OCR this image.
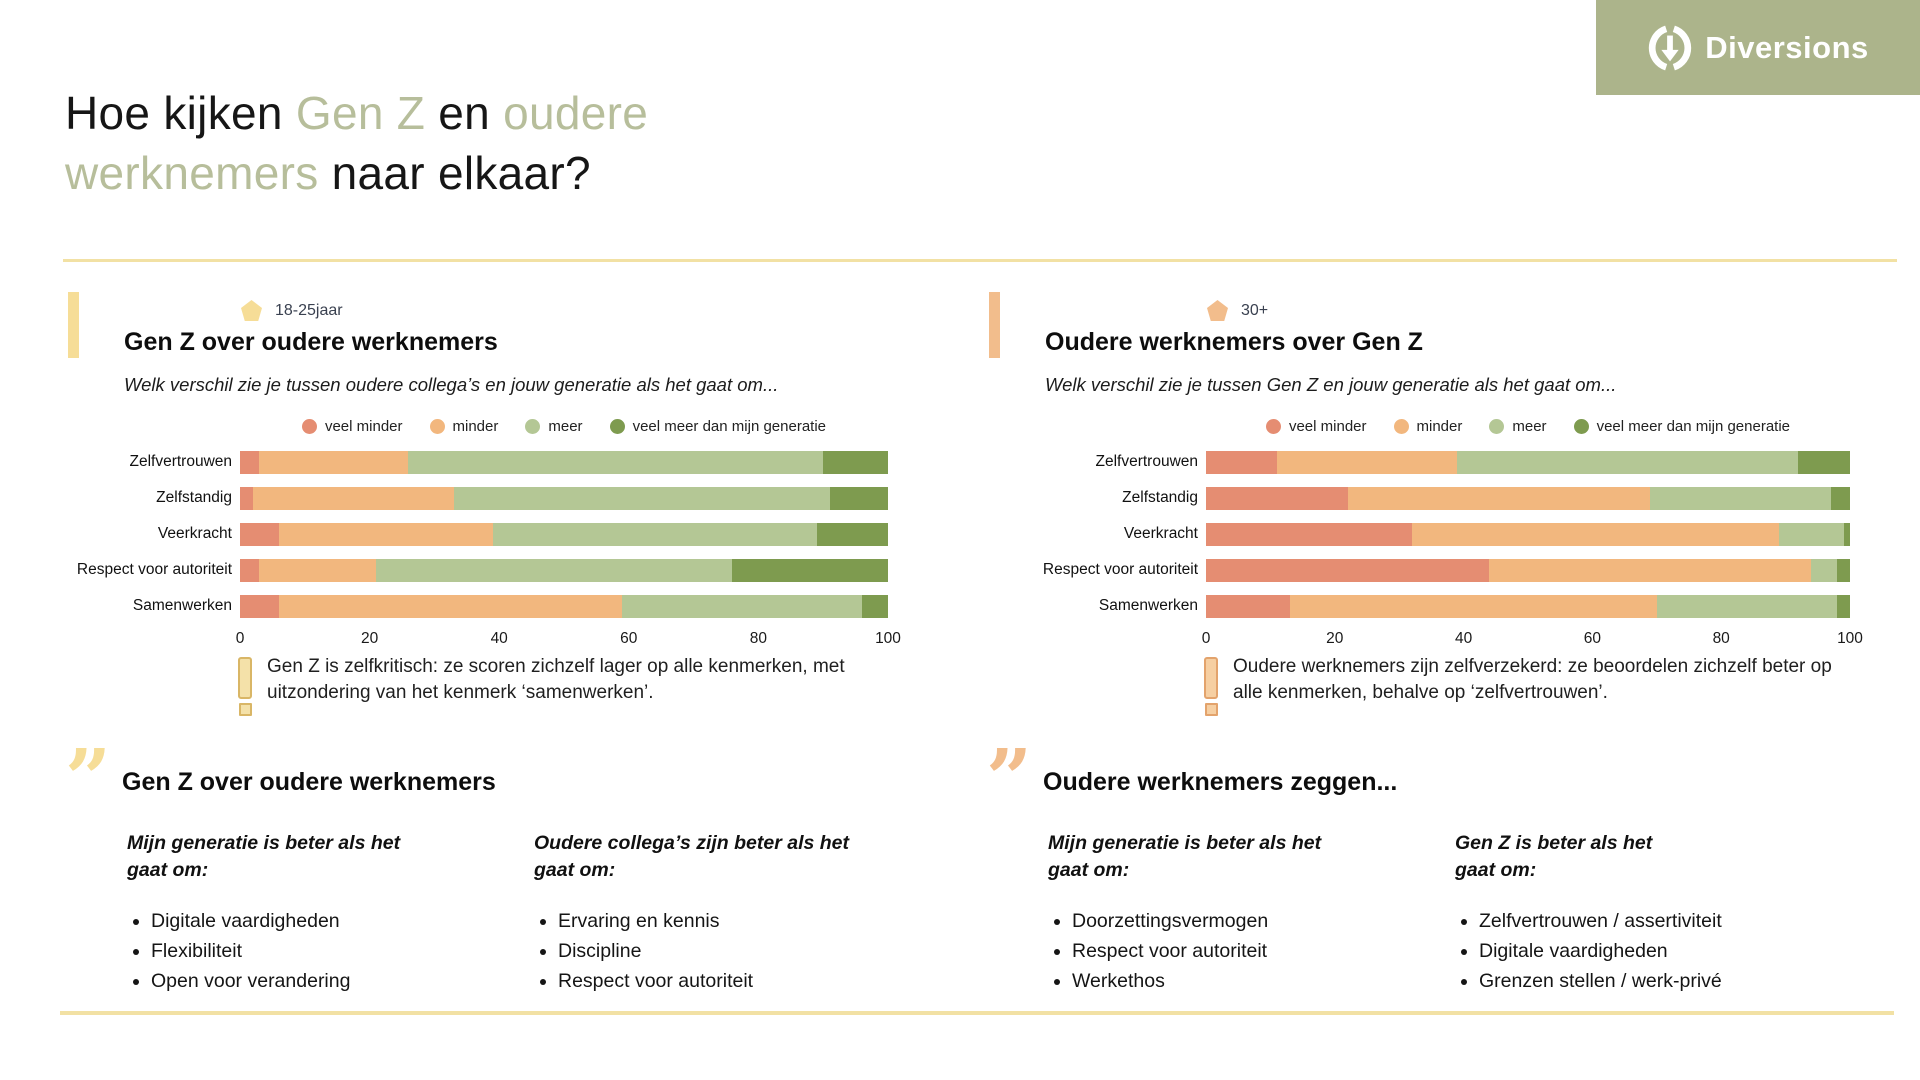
Diversions
Hoe kijken Gen Z en oudere
werknemers naar elkaar?
18-25jaar
Gen Z over oudere werknemers

Welk verschil zie je tussen oudere collega’s en jouw generatie als het gaat om...

veel minder	minder	meer	veel meer dan mijn generatie
Zelfvertrouwen
Zelfstandig
Veerkracht
Respect voor autoriteit
Samenwerken
0	20	40	60	80	100

Gen Z is zelfkritisch: ze scoren zichzelf lager op alle kenmerken, met uitzondering van het kenmerk ‘samenwerken’.

30+
Oudere werknemers over Gen Z

Welk verschil zie je tussen Gen Z en jouw generatie als het gaat om...

veel minder	minder	meer	veel meer dan mijn generatie
Zelfvertrouwen
Zelfstandig
Veerkracht
Respect voor autoriteit
Samenwerken
0	20	40	60	80	100

Oudere werknemers zijn zelfverzekerd: ze beoordelen zichzelf beter op alle kenmerken, behalve op ‘zelfvertrouwen’.

”
Gen Z over oudere werknemers
Mijn generatie is beter als het
gaat om:
• Digitale vaardigheden
• Flexibiliteit
• Open voor verandering
Oudere collega’s zijn beter als het
gaat om:
• Ervaring en kennis
• Discipline
• Respect voor autoriteit
”
Oudere werknemers zeggen...
Mijn generatie is beter als het
gaat om:
• Doorzettingsvermogen
• Respect voor autoriteit
• Werkethos
Gen Z is beter als het
gaat om:
• Zelfvertrouwen / assertiviteit
• Digitale vaardigheden
• Grenzen stellen / werk-privé
